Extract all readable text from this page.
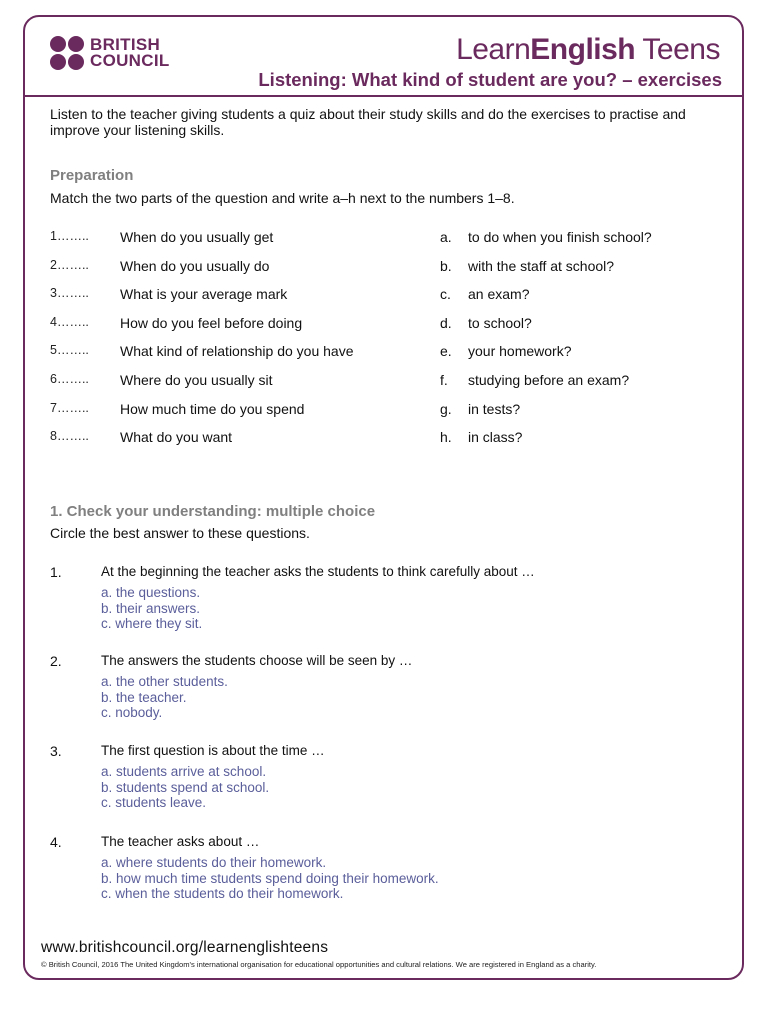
BRITISH
COUNCIL	LearnEnglish Teens
Listening: What kind of student are you? – exercises
Listen to the teacher giving students a quiz about their study skills and do the exercises to practise and improve your listening skills.
Preparation
Match the two parts of the question and write a–h next to the numbers 1–8.
1…….. When do you usually get	a. to do when you finish school?
2…….. When do you usually do	b. with the staff at school?
3…….. What is your average mark	c. an exam?
4…….. How do you feel before doing	d. to school?
5…….. What kind of relationship do you have	e. your homework?
6…….. Where do you usually sit	f. studying before an exam?
7…….. How much time do you spend	g. in tests?
8…….. What do you want	h. in class?
1. Check your understanding: multiple choice
Circle the best answer to these questions.
1.	At the beginning the teacher asks the students to think carefully about …
a. the questions.
b. their answers.
c. where they sit.
2.	The answers the students choose will be seen by …
a. the other students.
b. the teacher.
c. nobody.
3.	The first question is about the time …
a. students arrive at school.
b. students spend at school.
c. students leave.
4.	The teacher asks about …
a. where students do their homework.
b. how much time students spend doing their homework.
c. when the students do their homework.
www.britishcouncil.org/learnenglishteens
© British Council, 2016 The United Kingdom's international organisation for educational opportunities and cultural relations. We are registered in England as a charity.
